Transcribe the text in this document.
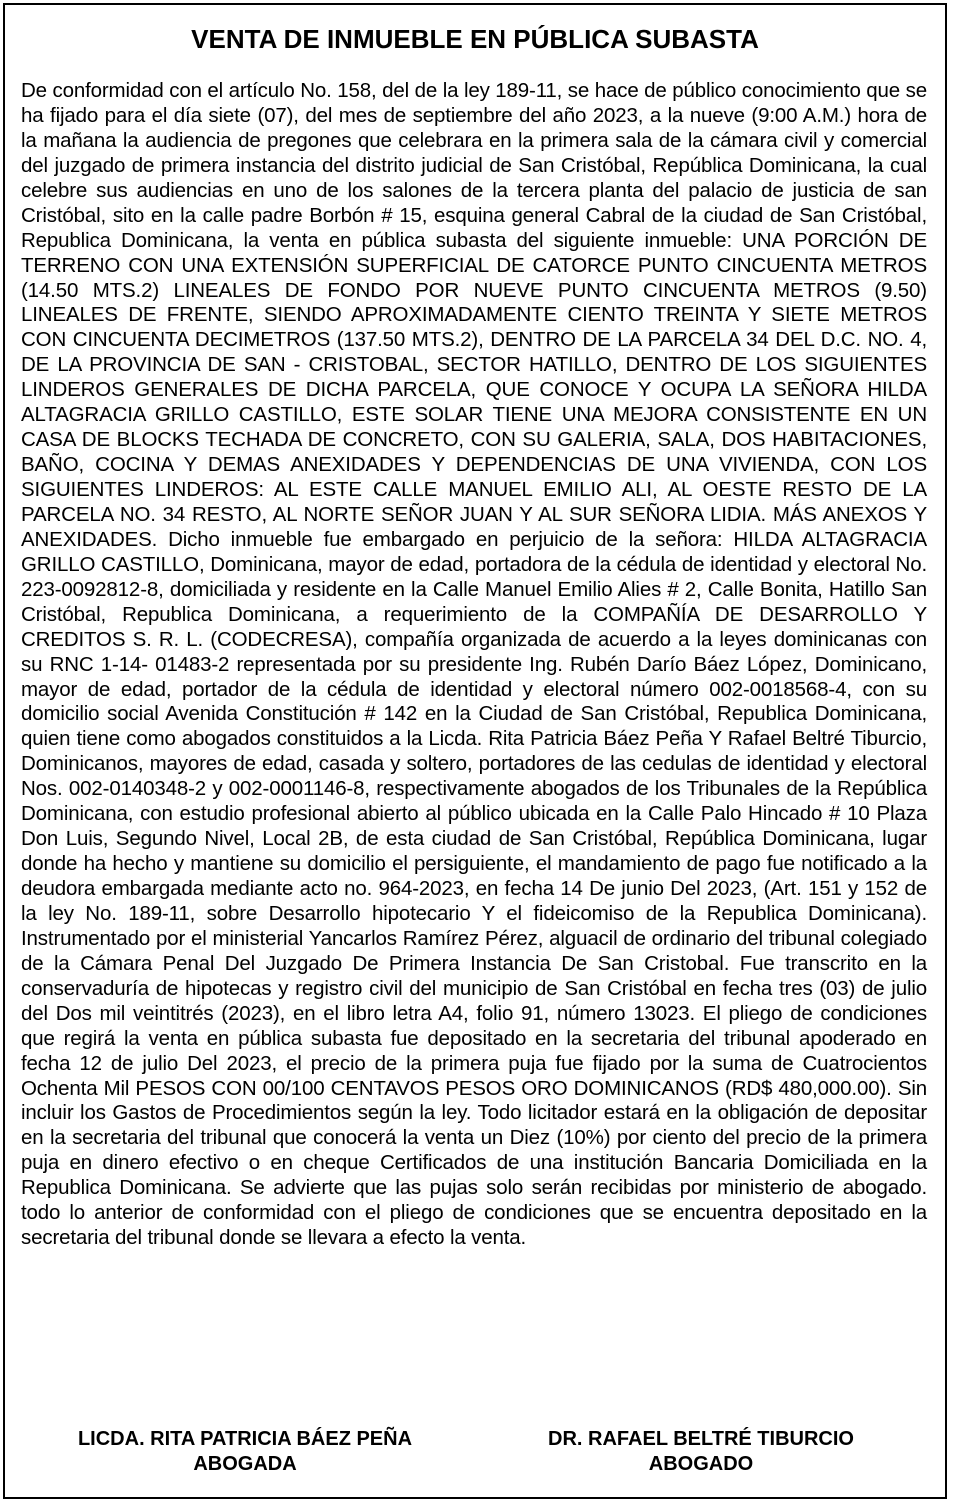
VENTA DE INMUEBLE EN PÚBLICA SUBASTA

De conformidad con el artículo No. 158, del de la ley 189-11, se hace de público conocimiento que se ha fijado para el día siete (07), del mes de septiembre del año 2023, a la nueve (9:00 A.M.) hora de la mañana la audiencia de pregones que celebrara en la primera sala de la cámara civil y comercial del juzgado de primera instancia del distrito judicial de San Cristóbal, República Dominicana, la cual celebre sus audiencias en uno de los salones de la tercera planta del palacio de justicia de san Cristóbal, sito en la calle padre Borbón # 15, esquina general Cabral de la ciudad de San Cristóbal, Republica Dominicana, la venta en pública subasta del siguiente inmueble: UNA PORCIÓN DE TERRENO CON UNA EXTENSIÓN SUPERFICIAL DE CATORCE PUNTO CINCUENTA METROS (14.50 MTS.2) LINEALES DE FONDO POR NUEVE PUNTO CINCUENTA METROS (9.50) LINEALES DE FRENTE, SIENDO APROXIMADAMENTE CIENTO TREINTA Y SIETE METROS CON CINCUENTA DECIMETROS (137.50 MTS.2), DENTRO DE LA PARCELA 34 DEL D.C. NO. 4, DE LA PROVINCIA DE SAN - CRISTOBAL, SECTOR HATILLO, DENTRO DE LOS SIGUIENTES LINDEROS GENERALES DE DICHA PARCELA, QUE CONOCE Y OCUPA LA SEÑORA HILDA ALTAGRACIA GRILLO CASTILLO, ESTE SOLAR TIENE UNA MEJORA CONSISTENTE EN UN CASA DE BLOCKS TECHADA DE CONCRETO, CON SU GALERIA, SALA, DOS HABITACIONES, BAÑO, COCINA Y DEMAS ANEXIDADES Y DEPENDENCIAS DE UNA VIVIENDA, CON LOS SIGUIENTES LINDEROS: AL ESTE CALLE MANUEL EMILIO ALI, AL OESTE RESTO DE LA PARCELA NO. 34 RESTO, AL NORTE SEÑOR JUAN Y AL SUR SEÑORA LIDIA. MÁS ANEXOS Y ANEXIDADES. Dicho inmueble fue embargado en perjuicio de la señora: HILDA ALTAGRACIA GRILLO CASTILLO, Dominicana, mayor de edad, portadora de la cédula de identidad y electoral No. 223-0092812-8, domiciliada y residente en la Calle Manuel Emilio Alies # 2, Calle Bonita, Hatillo San Cristóbal, Republica Dominicana, a requerimiento de la COMPAÑÍA DE DESARROLLO Y CREDITOS S. R. L. (CODECRESA), compañía organizada de acuerdo a la leyes dominicanas con su RNC 1-14- 01483-2 representada por su presidente Ing. Rubén Darío Báez López, Dominicano, mayor de edad, portador de la cédula de identidad y electoral número 002-0018568-4, con su domicilio social Avenida Constitución # 142 en la Ciudad de San Cristóbal, Republica Dominicana, quien tiene como abogados constituidos a la Licda. Rita Patricia Báez Peña Y Rafael Beltré Tiburcio, Dominicanos, mayores de edad, casada y soltero, portadores de las cedulas de identidad y electoral Nos. 002-0140348-2 y 002-0001146-8, respectivamente abogados de los Tribunales de la República Dominicana, con estudio profesional abierto al público ubicada en la Calle Palo Hincado # 10 Plaza Don Luis, Segundo Nivel, Local 2B, de esta ciudad de San Cristóbal, República Dominicana, lugar donde ha hecho y mantiene su domicilio el persiguiente, el mandamiento de pago fue notificado a la deudora embargada mediante acto no. 964-2023, en fecha 14 De junio Del 2023, (Art. 151 y 152 de la ley No. 189-11, sobre Desarrollo hipotecario Y el fideicomiso de la Republica Dominicana). Instrumentado por el ministerial Yancarlos Ramírez Pérez, alguacil de ordinario del tribunal colegiado de la Cámara Penal Del Juzgado De Primera Instancia De San Cristobal. Fue transcrito en la conservaduría de hipotecas y registro civil del municipio de San Cristóbal en fecha tres (03) de julio del Dos mil veintitrés (2023), en el libro letra A4, folio 91, número 13023. El pliego de condiciones que regirá la venta en pública subasta fue depositado en la secretaria del tribunal apoderado en fecha 12 de julio Del 2023, el precio de la primera puja fue fijado por la suma de Cuatrocientos Ochenta Mil PESOS CON 00/100 CENTAVOS PESOS ORO DOMINICANOS (RD$ 480,000.00). Sin incluir los Gastos de Procedimientos según la ley. Todo licitador estará en la obligación de depositar en la secretaria del tribunal que conocerá la venta un Diez (10%) por ciento del precio de la primera puja en dinero efectivo o en cheque Certificados de una institución Bancaria Domiciliada en la Republica Dominicana. Se advierte que las pujas solo serán recibidas por ministerio de abogado. todo lo anterior de conformidad con el pliego de condiciones que se encuentra depositado en la secretaria del tribunal donde se llevara a efecto la venta.

LICDA. RITA PATRICIA BÁEZ PEÑA
ABOGADA
DR. RAFAEL BELTRÉ TIBURCIO
ABOGADO
